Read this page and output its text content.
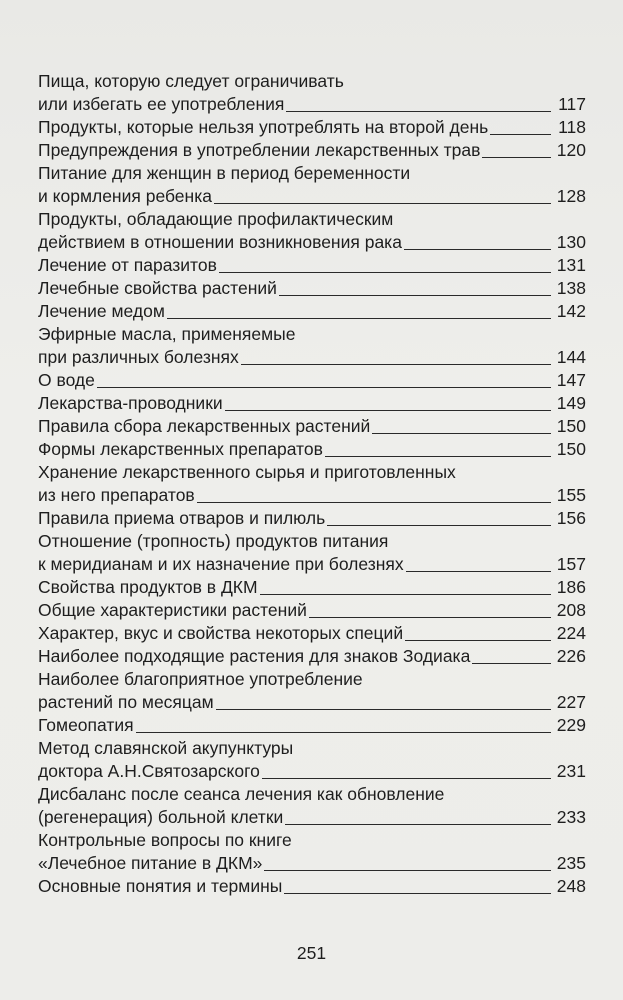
Пища, которую следует ограничивать
или избегать ее употребления	117
Продукты, которые нельзя употреблять на второй день	118
Предупреждения в употреблении лекарственных трав	120
Питание для женщин в период беременности
и кормления ребенка	128
Продукты, обладающие профилактическим
действием в отношении возникновения рака	130
Лечение от паразитов	131
Лечебные свойства растений	138
Лечение медом	142
Эфирные масла, применяемые
при различных болезнях	144
О воде	147
Лекарства-проводники	149
Правила сбора лекарственных растений	150
Формы лекарственных препаратов	150
Хранение лекарственного сырья и приготовленных
из него препаратов	155
Правила приема отваров и пилюль	156
Отношение (тропность) продуктов питания
к меридианам и их назначение при болезнях	157
Свойства продуктов в ДКМ	186
Общие характеристики растений	208
Характер, вкус и свойства некоторых специй	224
Наиболее подходящие растения для знаков Зодиака	226
Наиболее благоприятное употребление
растений по месяцам	227
Гомеопатия	229
Метод славянской акупунктуры
доктора А.Н.Святозарского	231
Дисбаланс после сеанса лечения как обновление
(регенерация) больной клетки	233
Контрольные вопросы по книге
«Лечебное питание в ДКМ»	235
Основные понятия и термины	248
251
